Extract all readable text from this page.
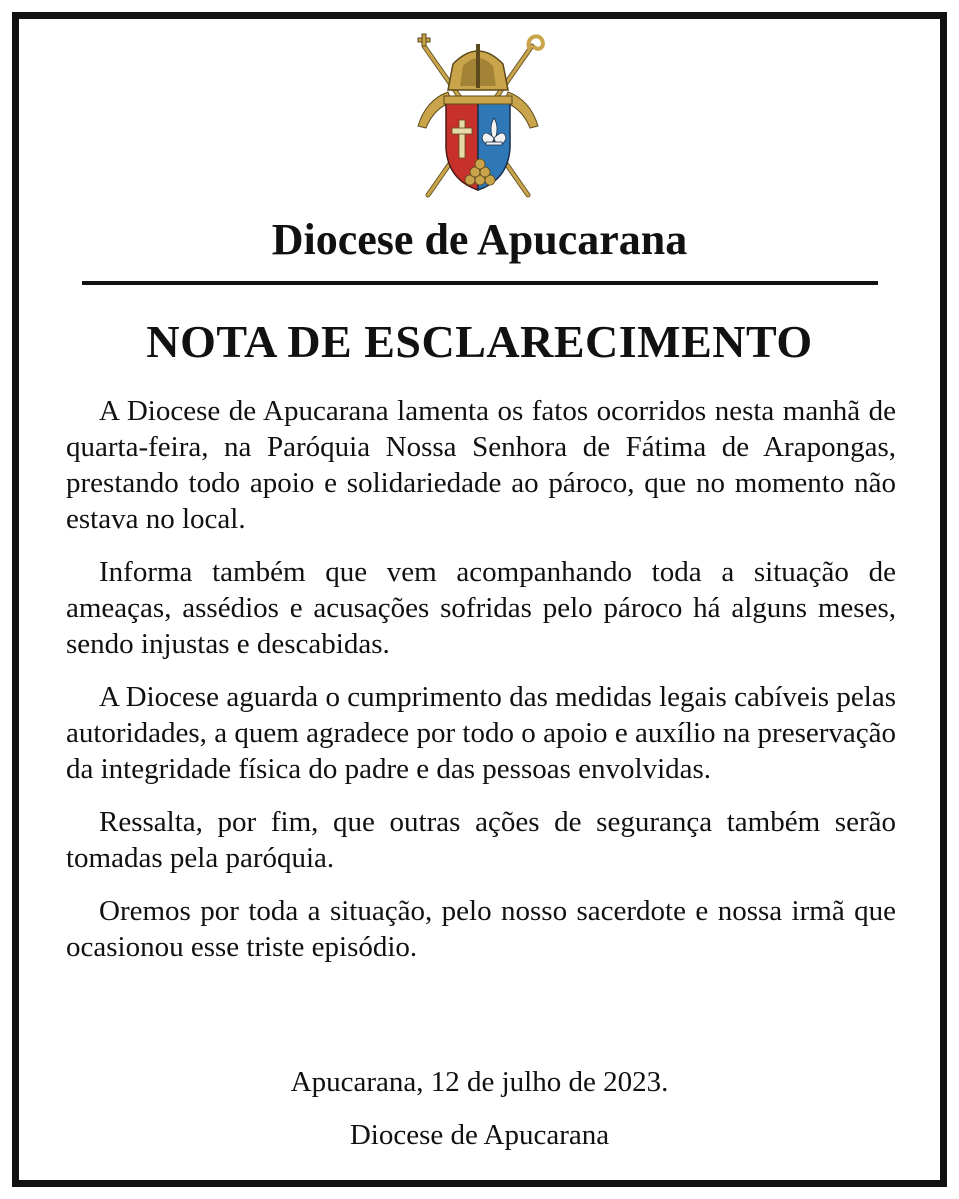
Diocese de Apucarana
NOTA DE ESCLARECIMENTO

A Diocese de Apucarana lamenta os fatos ocorridos nesta manhã de quarta-feira, na Paróquia Nossa Senhora de Fátima de Arapongas, prestando todo apoio e solidariedade ao pároco, que no momento não estava no local.

Informa também que vem acompanhando toda a situação de ameaças, assédios e acusações sofridas pelo pároco há alguns meses, sendo injustas e descabidas.

A Diocese aguarda o cumprimento das medidas legais cabíveis pelas autoridades, a quem agradece por todo o apoio e auxílio na preservação da integridade física do padre e das pessoas envolvidas.

Ressalta, por fim, que outras ações de segurança também serão tomadas pela paróquia.

Oremos por toda a situação, pelo nosso sacerdote e nossa irmã que ocasionou esse triste episódio.

Apucarana, 12 de julho de 2023.

Diocese de Apucarana
